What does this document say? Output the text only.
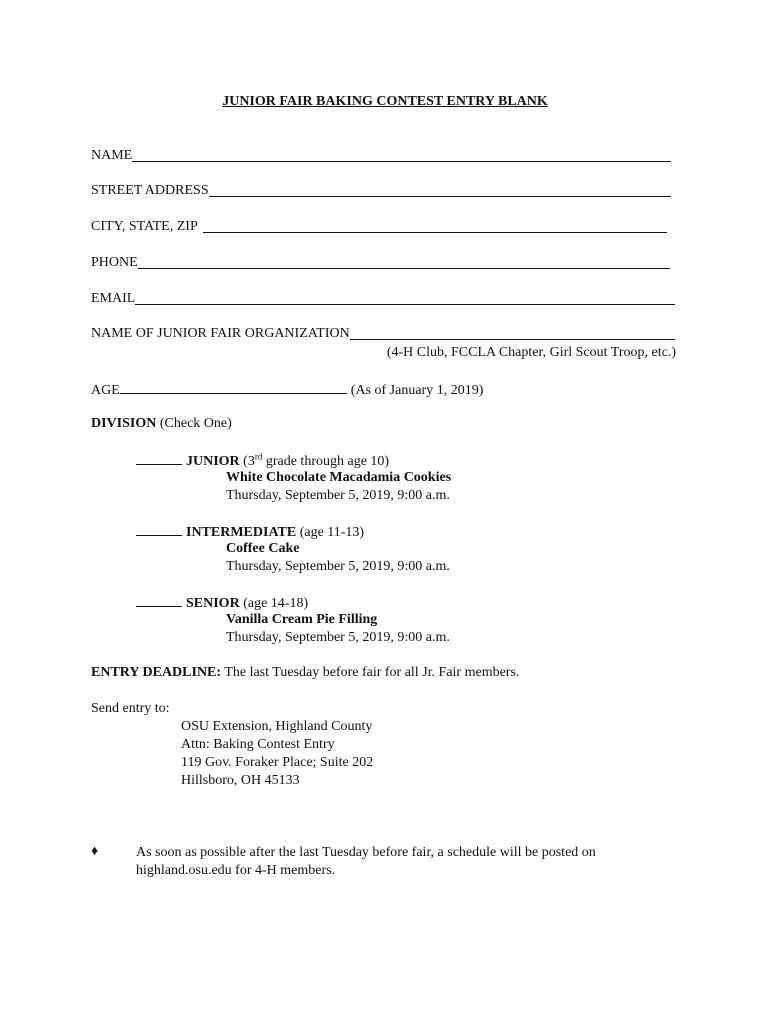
JUNIOR FAIR BAKING CONTEST ENTRY BLANK
NAME
STREET ADDRESS
CITY, STATE, ZIP
PHONE
EMAIL
NAME OF JUNIOR FAIR ORGANIZATION
(4-H Club, FCCLA Chapter, Girl Scout Troop, etc.)
AGE	(As of January 1, 2019)
DIVISION (Check One)
JUNIOR (3rd grade through age 10)
White Chocolate Macadamia Cookies
Thursday, September 5, 2019, 9:00 a.m.
INTERMEDIATE (age 11-13)
Coffee Cake
Thursday, September 5, 2019, 9:00 a.m.
SENIOR (age 14-18)
Vanilla Cream Pie Filling
Thursday, September 5, 2019, 9:00 a.m.
ENTRY DEADLINE: The last Tuesday before fair for all Jr. Fair members.
Send entry to:
OSU Extension, Highland County
Attn: Baking Contest Entry
119 Gov. Foraker Place; Suite 202
Hillsboro, OH 45133
♦	As soon as possible after the last Tuesday before fair, a schedule will be posted on
highland.osu.edu for 4-H members.
